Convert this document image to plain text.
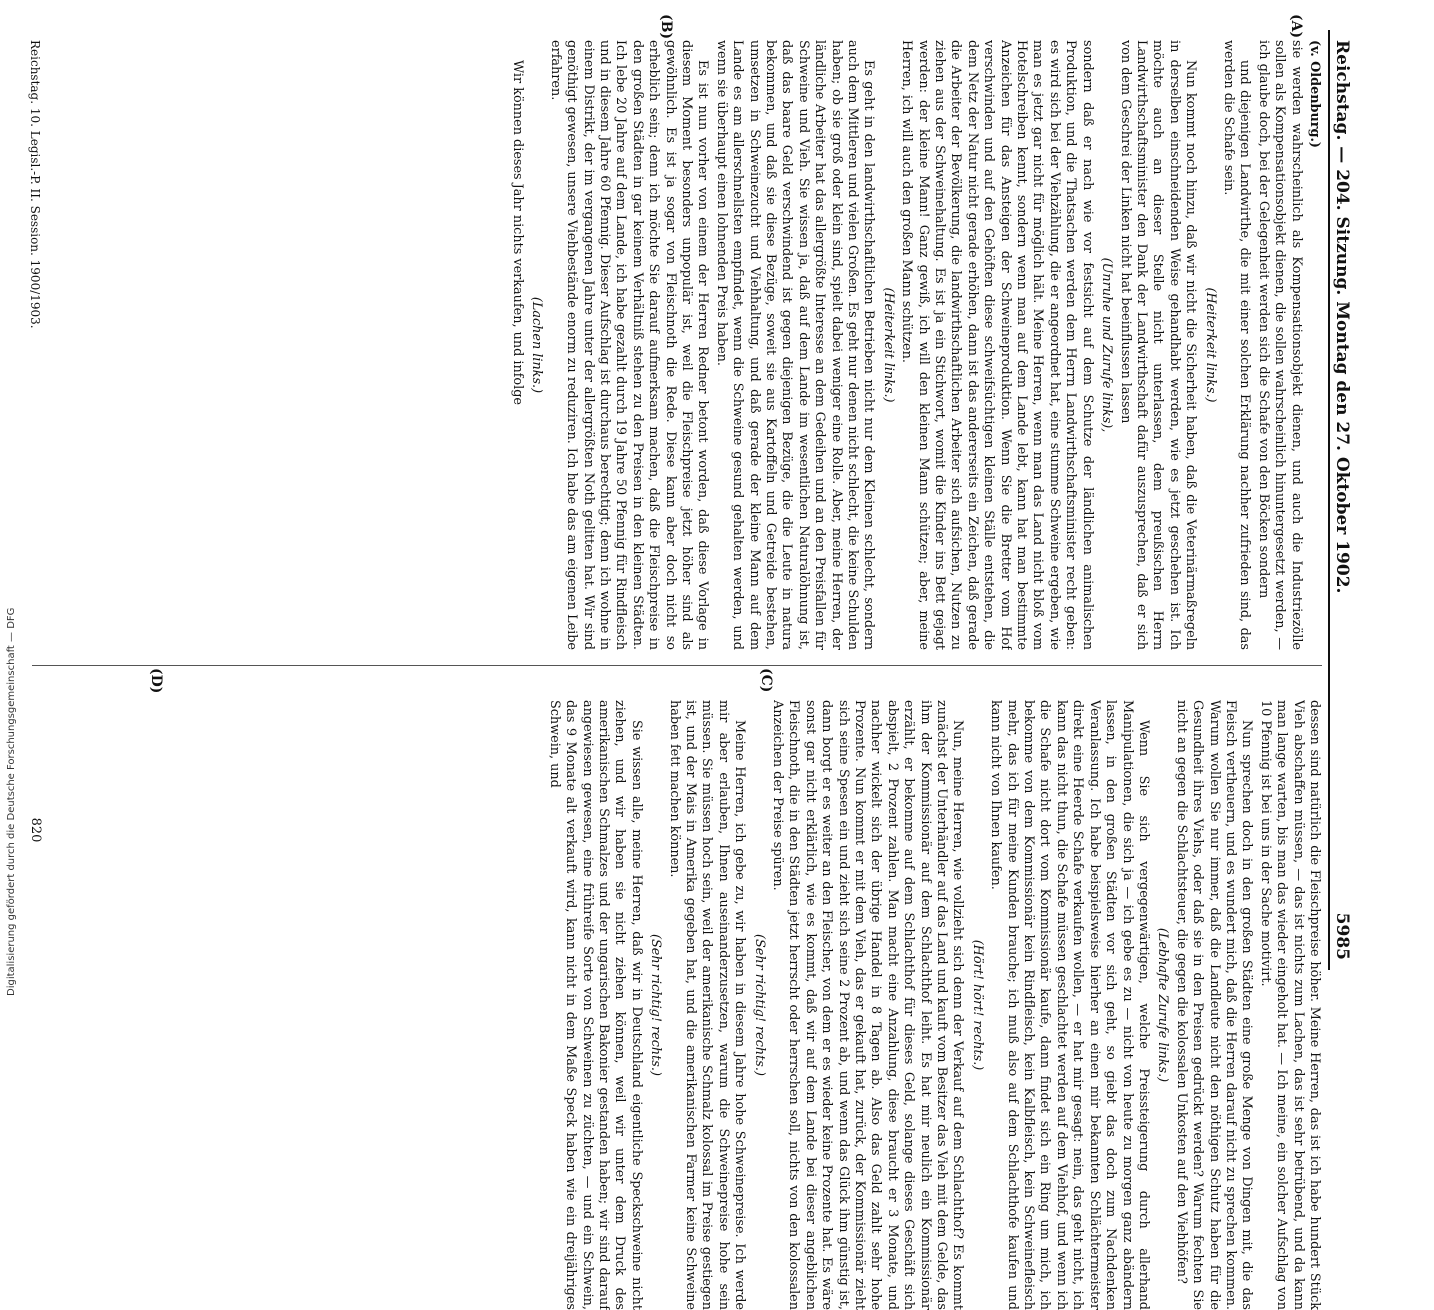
Reichstag. — 204. Sitzung. Montag den 27. Oktober 1902.
5985
(A)
(B)
(C)
(D)

(v. Oldenburg.)

sie werden wahrscheinlich als Kompensationsobjekt dienen, und auch die Industriezölle sollen als Kompensationsobjekt dienen, die sollen wahrscheinlich hinuntergesetzt werden, — ich glaube doch, bei der Gelegenheit werden sich die Schafe von den Böcken sondern

und diejenigen Landwirthe, die mit einer solchen Erklärung nachher zufrieden sind, das werden die Schafe sein.

(Heiterkeit links.)

Nun kommt noch hinzu, daß wir nicht die Sicherheit haben, daß die Veterinärmaßregeln in derselben einschneidenden Weise gehandhabt werden, wie es jetzt geschehen ist. Ich möchte auch an dieser Stelle nicht unterlassen, dem preußischen Herrn Landwirthschaftsminister den Dank der Landwirthschaft dafür auszusprechen, daß er sich von dem Geschrei der Linken nicht hat beeinflussen lassen

(Unruhe und Zurufe links),

sondern daß er nach wie vor festsicht auf dem Schutze der ländlichen animalischen Produktion, und die Thatsachen werden dem Herrn Landwirthschaftsminister recht geben: es wird sich bei der Viehzählung, die er angeordnet hat, eine stumme Schweine ergeben, wie man es jetzt gar nicht für möglich hält. Meine Herren, wenn man das Land nicht bloß vom Hotelschreiben kennt, sondern wenn man auf dem Lande lebt, kann hat man bestimmte Anzeichen für das Ansteigen der Schweineproduktion. Wenn Sie die Bretter vom Hof verschwinden und auf den Gehöften diese schweifsüchtigen kleinen Ställe entstehen, die dem Netz der Natur nicht gerade erhöhen, dann ist das andererseits ein Zeichen, daß gerade die Arbeiter der Bevölkerung, die landwirthschaftlichen Arbeiter sich aufsichen, Nutzen zu ziehen aus der Schweinehaltung. Es ist ja ein Stichwort, womit die Kinder ins Bett gejagt werden: der kleine Mann! Ganz gewiß, ich will den kleinen Mann schützen; aber, meine Herren, ich will auch den großen Mann schützen.

(Heiterkeit links.)

Es geht in den landwirthschaftlichen Betrieben nicht nur dem Kleinen schlecht, sondern auch dem Mittleren und vielen Großen. Es geht nur denen nicht schlecht, die keine Schulden haben; ob sie groß oder klein sind, spielt dabei weniger eine Rolle. Aber, meine Herren, der ländliche Arbeiter hat das allergrößte Interesse an dem Gedeihen und an den Preisfallen für Schweine und Vieh. Sie wissen ja, daß auf dem Lande im wesentlichen Naturalöhnung ist, daß das baare Geld verschwindend ist gegen diejenigen Bezüge, die die Leute in natura bekommen, und daß sie diese Bezüge, soweit sie aus Kartoffeln und Getreide bestehen, umsetzen in Schweinezucht und Viehhaltung, und daß gerade der kleine Mann auf dem Lande es am allerschnellsten empfindet, wenn die Schweine gesund gehalten werden, und wenn sie überhaupt einen lohnenden Preis haben.

Es ist nun vorher von einem der Herren Redner betont worden, daß diese Vorlage in diesem Moment besonders unpopulär ist, weil die Fleischpreise jetzt höher sind als gewöhnlich. Es ist ja sogar von Fleischnoth die Rede. Diese kann aber doch nicht so erheblich sein; denn ich möchte Sie darauf aufmerksam machen, daß die Fleischpreise in den großen Städten in gar keinem Verhältniß stehen zu den Preisen in den kleinen Städten. Ich lebe 20 Jahre auf dem Lande, ich habe gezahlt durch 19 Jahre 50 Pfennig für Rindfleisch und in diesem Jahre 60 Pfennig. Dieser Aufschlag ist durchaus berechtigt; denn ich wohne in einem Distrikt, der im vergangenen Jahre unter der allergrößten Noth gelitten hat. Wir sind genöthigt gewesen, unsere Viehbestände enorm zu reduziren. Ich habe das am eigenen Leibe erfahren.

(Lachen links.)

Wir können dieses Jahr nichts verkaufen, und infolge

dessen sind natürlich die Fleischpreise höher. Meine Herren, das ist ich habe hundert Stück Vieh abschaffen müssen, — das ist nichts zum Lachen, das ist sehr betrübend, und da kann man lange warten, bis man das wieder eingeholt hat. — Ich meine, ein solcher Aufschlag von 10 Pfennig ist bei uns in der Sache motivirt.

Nun sprechen doch in den großen Städten eine große Menge von Dingen mit, die das Fleisch vertheuern, und es wundert mich, daß die Herren darauf nicht zu sprechen kommen. Warum wollen Sie nur immer, daß die Landleute nicht den nöthigen Schutz haben für die Gesundheit ihres Viehs, oder daß sie in den Preisen gedrückt werden? Warum fechten Sie nicht an gegen die Schlachtsteuer, die gegen die kolossalen Unkosten auf den Viehhöfen?

(Lebhafte Zurufe links.)

Wenn Sie sich vergegenwärtigen, welche Preissteigerung durch allerhand Manipulationen, die sich ja — ich gebe es zu — nicht von heute zu morgen ganz abändern lassen, in den großen Städten vor sich geht, so giebt das doch zum Nachdenken Veranlassung. Ich habe beispielsweise hierher an einen mir bekannten Schlächtermeister direkt eine Heerde Schafe verkaufen wollen, — er hat mir gesagt: nein, das geht nicht, ich kann das nicht thun, die Schafe müssen geschlachtet werden auf dem Viehhof, und wenn ich die Schafe nicht dort vom Kommissionär kaufe, dann findet sich ein Ring um mich, ich bekomme von dem Kommissionär kein Rindfleisch, kein Kalbfleisch, kein Schweinefleisch mehr, das ich für meine Kunden brauche; ich muß also auf dem Schlachthofe kaufen und kann nicht von Ihnen kaufen.

(Hört! hört! rechts.)

Nun, meine Herren, wie vollzieht sich denn der Verkauf auf dem Schlachthof? Es kommt zunächst der Unterhändler auf das Land und kauft vom Besitzer das Vieh mit dem Gelde, das ihm der Kommissionär auf dem Schlachthof leiht. Es hat mir neulich ein Kommissionär erzählt, er bekomme auf dem Schlachthof für dieses Geld, solange dieses Geschäft sich abspielt, 2 Prozent zahlen. Man macht eine Anzahlung, diese braucht er 3 Monate, und nachher wickelt sich der übrige Handel in 8 Tagen ab. Also das Geld zahlt sehr hohe Prozente. Nun kommt er mit dem Vieh, das er gekauft hat, zurück, der Kommissionär zieht sich seine Spesen ein und zieht sich seine 2 Prozent ab, und wenn das Glück ihm günstig ist, dann borgt er es weiter an den Fleischer, von dem er es wieder keine Prozente hat. Es wäre sonst gar nicht erklärlich, wie es kommt, daß wir auf dem Lande bei dieser angeblichen Fleischnoth, die in den Städten jetzt herrscht oder herrschen soll, nichts von den kolossalen Anzeichen der Preise spüren.

(Sehr richtig! rechts.)

Meine Herren, ich gebe zu, wir haben in diesem Jahre hohe Schweinepreise. Ich werde mir aber erlauben, Ihnen auseinanderzusetzen, warum die Schweinepreise hohe sein müssen. Sie müssen hoch sein, weil der amerikanische Schmalz kolossal im Preise gestiegen ist, und der Mais in Amerika gegeben hat, und die amerikanischen Farmer keine Schweine haben fett machen können.

(Sehr richtig! rechts.)

Sie wissen alle, meine Herren, daß wir in Deutschland eigentliche Speckschweine nicht ziehen, und wir haben sie nicht ziehen können, weil wir unter dem Druck des amerikanischen Schmalzes und der ungarischen Bakonier gestanden haben; wir sind darauf angewiesen gewesen, eine frühreife Sorte von Schweinen zu züchten, — und ein Schwein, das 9 Monate alt verkauft wird, kann nicht in dem Maße Speck haben wie ein dreijähriges Schwein, und

Reichstag. 10. Legisl.-P. II. Session. 1900/1903.
820
Digitalisierung gefördert durch die Deutsche Forschungsgemeinschaft — DFG
